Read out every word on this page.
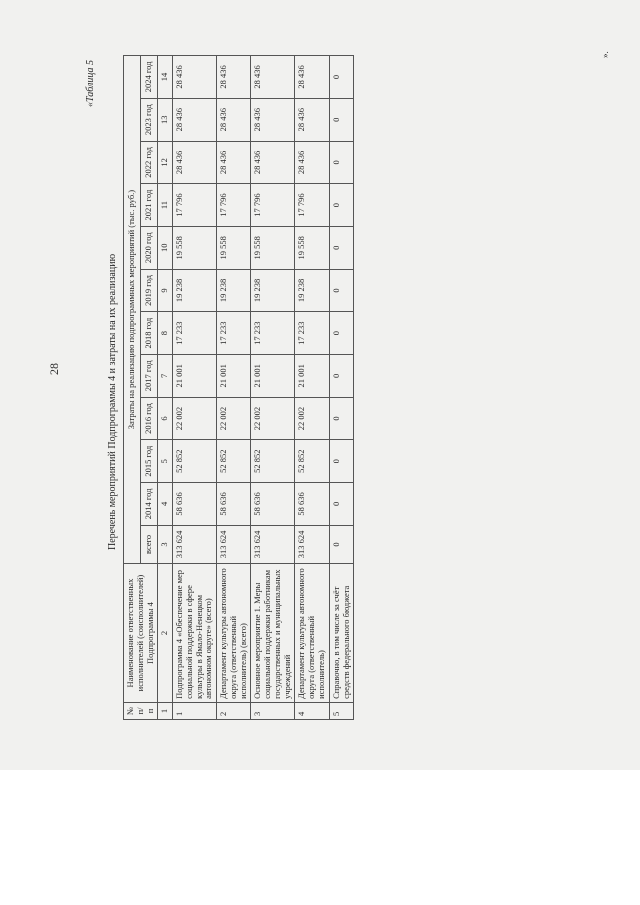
28
«Таблица 5
Перечень мероприятий Подпрограммы 4 и затраты на их реализацию
№ п/п	Наименование ответственных исполнителей (соисполнителей) Подпрограммы 4	Затраты на реализацию подпрограммных мероприятий (тыс. руб.)											
		всего	2014 год	2015 год	2016 год	2017 год	2018 год	2019 год	2020 год	2021 год	2022 год	2023 год	2024 год
1	2	3	4	5	6	7	8	9	10	11	12	13	14
1	Подпрограмма 4 «Обеспечение мер социальной поддержки в сфере культуры в Ямало-Ненецком автономном округе» (всего)	313 624	58 636	52 852	22 002	21 001	17 233	19 238	19 558	17 796	28 436	28 436	28 436
2	Департамент культуры автономного округа (ответственный исполнитель) (всего)	313 624	58 636	52 852	22 002	21 001	17 233	19 238	19 558	17 796	28 436	28 436	28 436
3	Основное мероприятие 1. Меры социальной поддержки работникам государственных и муниципальных учреждений	313 624	58 636	52 852	22 002	21 001	17 233	19 238	19 558	17 796	28 436	28 436	28 436
4	Департамент культуры автономного округа (ответственный исполнитель)	313 624	58 636	52 852	22 002	21 001	17 233	19 238	19 558	17 796	28 436	28 436	28 436
5	Справочно, в том числе за счёт средств федерального бюджета	0	0	0	0	0	0	0	0	0	0	0	0
».
